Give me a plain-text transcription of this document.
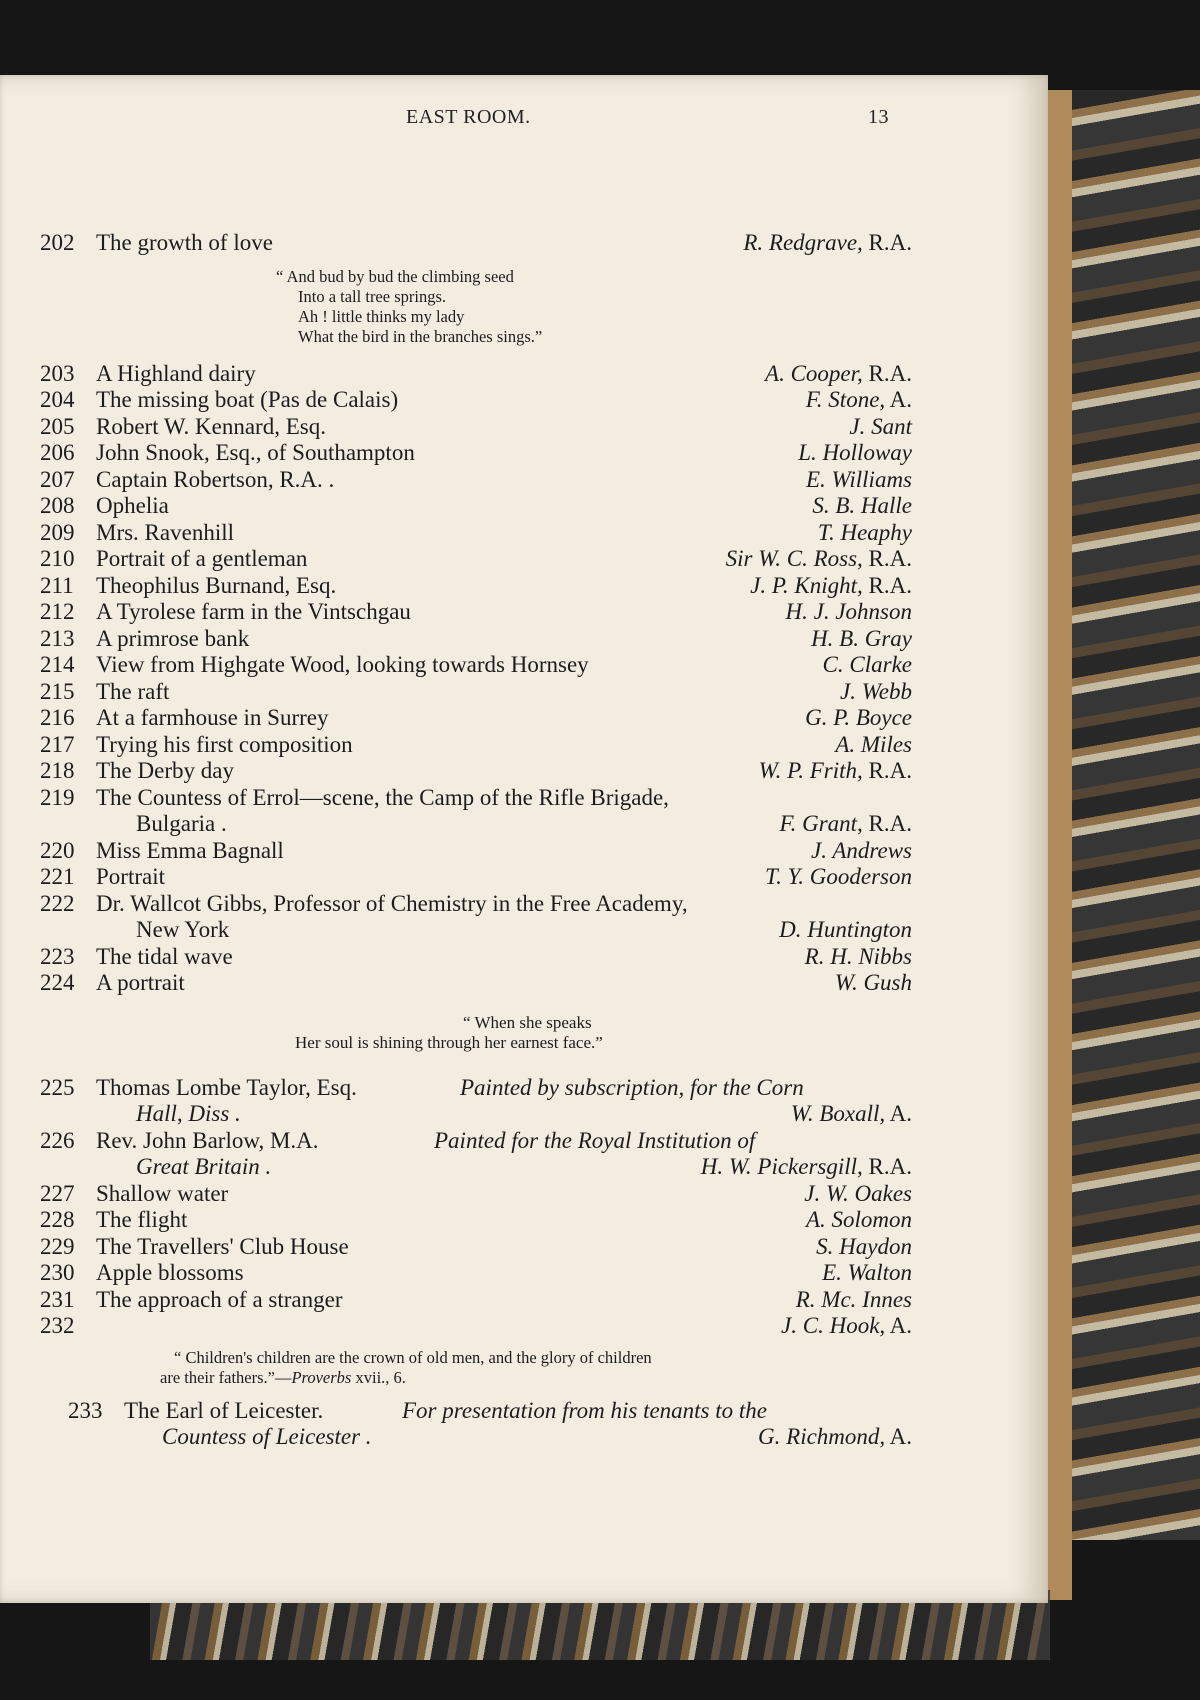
EAST ROOM.	13
202 The growth of love	R. Redgrave, R.A.
“ And bud by bud the climbing seed
Into a tall tree springs.
Ah ! little thinks my lady
What the bird in the branches sings.”
203 A Highland dairy	A. Cooper, R.A.
204 The missing boat (Pas de Calais)	F. Stone, A.
205 Robert W. Kennard, Esq.	J. Sant
206 John Snook, Esq., of Southampton	L. Holloway
207 Captain Robertson, R.A. .	E. Williams
208 Ophelia	S. B. Halle
209 Mrs. Ravenhill	T. Heaphy
210 Portrait of a gentleman	Sir W. C. Ross, R.A.
211 Theophilus Burnand, Esq.	J. P. Knight, R.A.
212 A Tyrolese farm in the Vintschgau	H. J. Johnson
213 A primrose bank	H. B. Gray
214 View from Highgate Wood, looking towards Hornsey	C. Clarke
215 The raft	J. Webb
216 At a farmhouse in Surrey	G. P. Boyce
217 Trying his first composition	A. Miles
218 The Derby day	W. P. Frith, R.A.
219 The Countess of Errol—scene, the Camp of the Rifle Brigade,
Bulgaria .	F. Grant, R.A.
220 Miss Emma Bagnall	J. Andrews
221 Portrait	T. Y. Gooderson
222 Dr. Wallcot Gibbs, Professor of Chemistry in the Free Academy,
New York	D. Huntington
223 The tidal wave	R. H. Nibbs
224 A portrait	W. Gush
“ When she speaks
Her soul is shining through her earnest face.”
225 Thomas Lombe Taylor, Esq.	Painted by subscription, for the Corn
Hall, Diss .	W. Boxall, A.
226 Rev. John Barlow, M.A.	Painted for the Royal Institution of
Great Britain .	H. W. Pickersgill, R.A.
227 Shallow water	J. W. Oakes
228 The flight	A. Solomon
229 The Travellers' Club House	S. Haydon
230 Apple blossoms	E. Walton
231 The approach of a stranger	R. Mc. Innes
232	J. C. Hook, A.
“ Children's children are the crown of old men, and the glory of children
are their fathers.”—Proverbs xvii., 6.
233 The Earl of Leicester.	For presentation from his tenants to the
Countess of Leicester .	G. Richmond, A.
